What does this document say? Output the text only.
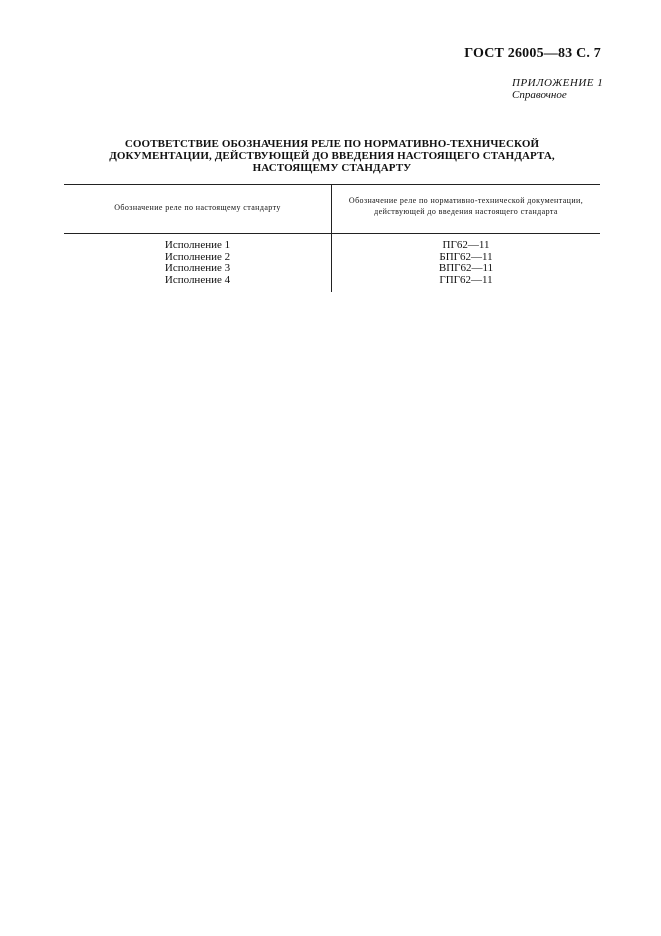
ГОСТ 26005—83 С. 7
ПРИЛОЖЕНИЕ 1
Справочное
СООТВЕТСТВИЕ ОБОЗНАЧЕНИЯ РЕЛЕ ПО НОРМАТИВНО-ТЕХНИЧЕСКОЙ
ДОКУМЕНТАЦИИ, ДЕЙСТВУЮЩЕЙ ДО ВВЕДЕНИЯ НАСТОЯЩЕГО СТАНДАРТА,
НАСТОЯЩЕМУ СТАНДАРТУ
Обозначение реле по настоящему стандарту
Обозначение реле по нормативно-технической документации, действующей до введения настоящего стандарта
Исполнение 1
Исполнение 2
Исполнение 3
Исполнение 4
ПГ62—11
БПГ62—11
ВПГ62—11
ГПГ62—11
